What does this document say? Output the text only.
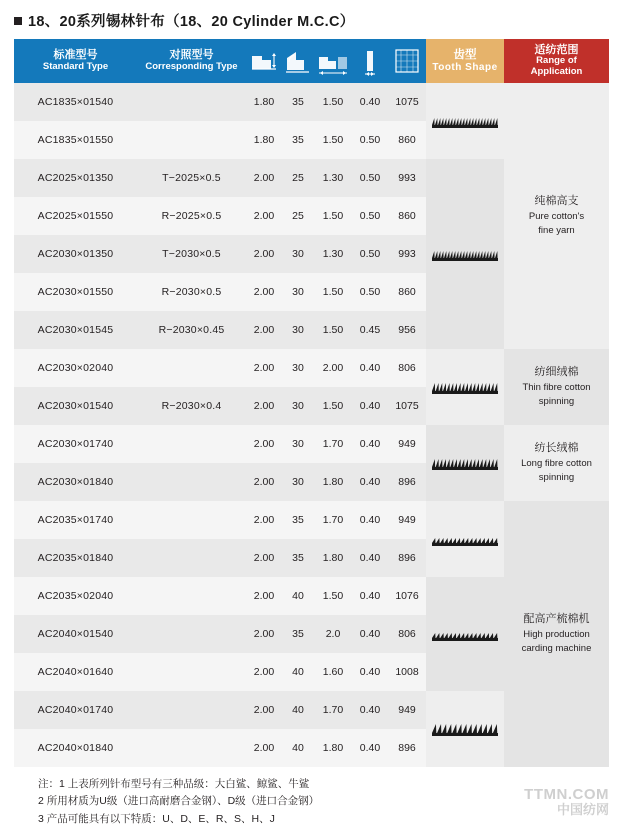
18、20系列锡林针布（18、20 Cylinder M.C.C）
标准型号
Standard Type	对照型号
Corresponding Type						齿型
Tooth Shape	适纺范围
Range of
Application

AC1835×01540		1.80	35	1.50	0.40	1075		纯棉高支
Pure cotton's
fine yarn

AC1835×01550		1.80	35	1.50	0.50	860		
AC2025×01350	T−2025×0.5	2.00	25	1.30	0.50	993	

AC2025×01550	R−2025×0.5	2.00	25	1.50	0.50	860		
AC2030×01350	T−2030×0.5	2.00	30	1.30	0.50	993		
AC2030×01550	R−2030×0.5	2.00	30	1.50	0.50	860		
AC2030×01545	R−2030×0.45	2.00	30	1.50	0.45	956		
AC2030×02040		2.00	30	2.00	0.40	806		纺细绒棉
Thin fibre cotton spinning

AC2030×01540	R−2030×0.4	2.00	30	1.50	0.40	1075		
AC2030×01740		2.00	30	1.70	0.40	949		纺长绒棉
Long fibre cotton spinning

AC2030×01840		2.00	30	1.80	0.40	896		
AC2035×01740		2.00	35	1.70	0.40	949		配高产梳棉机
High production
carding machine

AC2035×01840		2.00	35	1.80	0.40	896		
AC2035×02040		2.00	40	1.50	0.40	1076	

AC2040×01540		2.00	35	2.0	0.40	806		
AC2040×01640		2.00	40	1.60	0.40	1008		
AC2040×01740		2.00	40	1.70	0.40	949	

AC2040×01840		2.00	40	1.80	0.40	896		
注：1 上表所列针布型号有三种品级：大白鲨、鲸鲨、牛鲨
2 所用材质为U级（进口高耐磨合金钢）、D级（进口合金钢）
3 产品可能具有以下特质：U、D、E、R、S、H、J
TTMN.COM
中国纺网
